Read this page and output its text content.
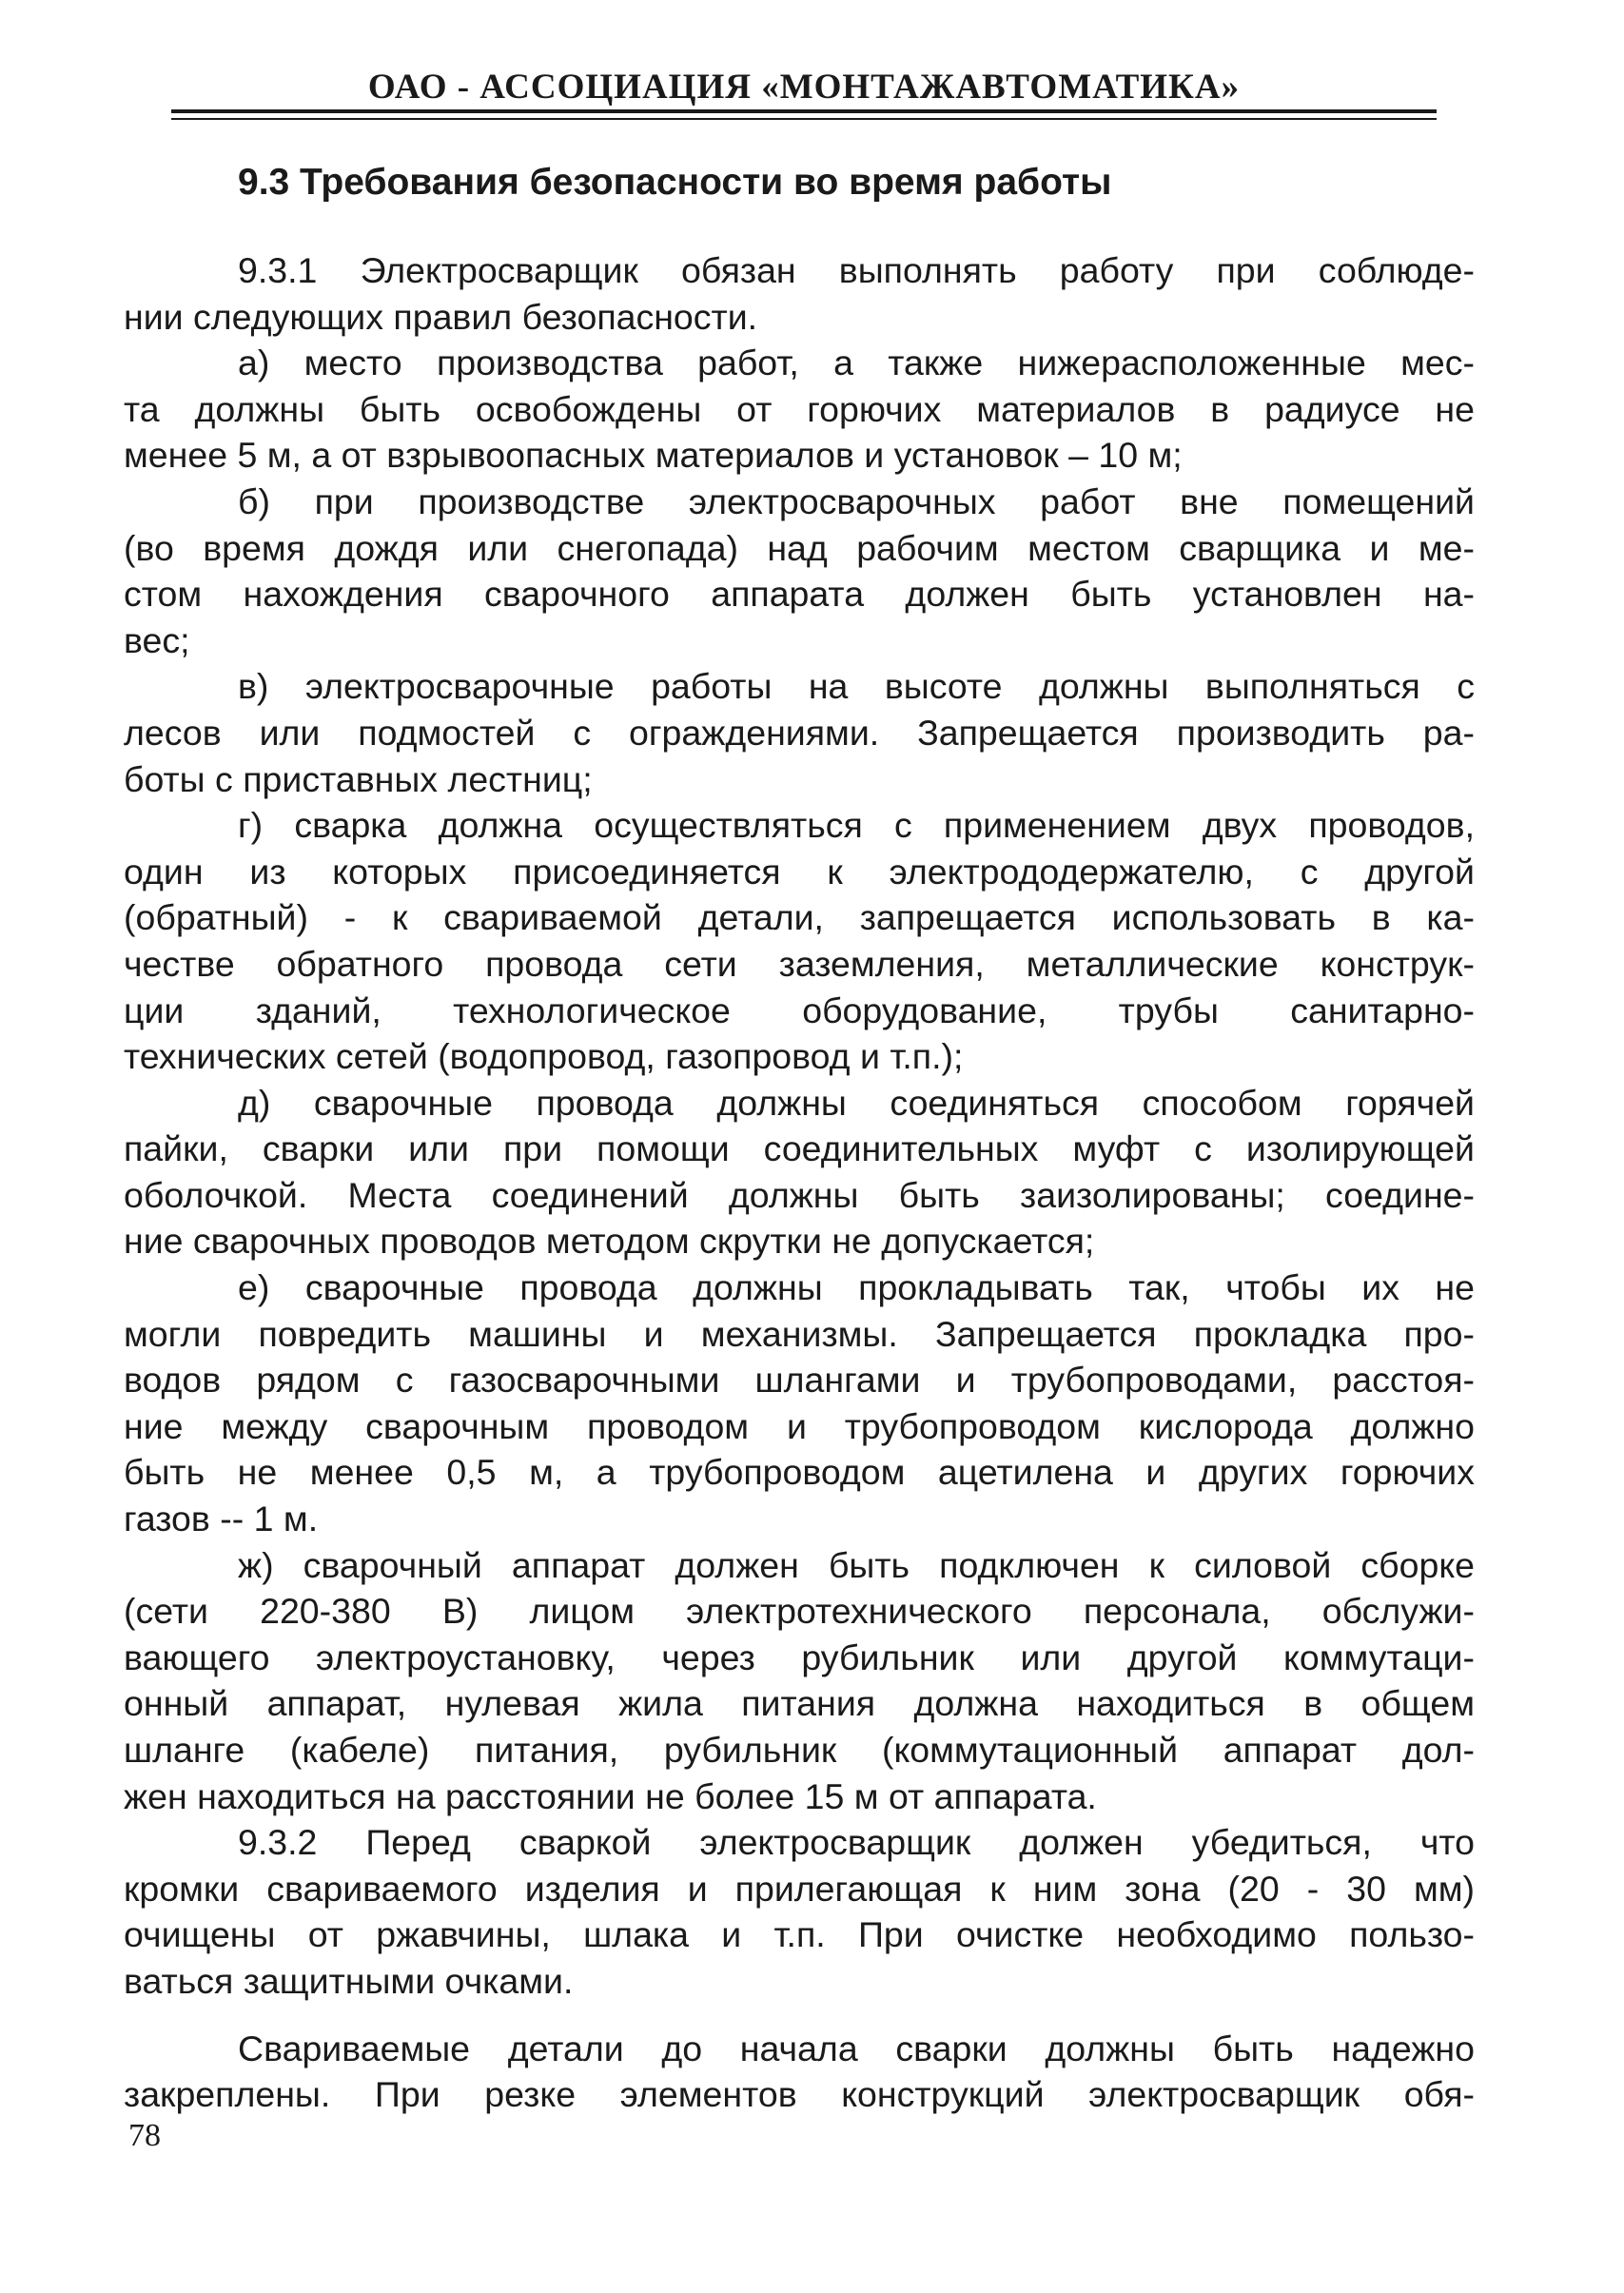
ОАО - АССОЦИАЦИЯ «МОНТАЖАВТОМАТИКА»
9.3 Требования безопасности во время работы
9.3.1 Электросварщик обязан выполнять работу при соблюде-
нии следующих правил безопасности.
а) место производства работ, а также нижерасположенные мес-
та должны быть освобождены от горючих материалов в радиусе не
менее 5 м, а от взрывоопасных материалов и установок – 10 м;
б) при производстве электросварочных работ вне помещений
(во время дождя или снегопада) над рабочим местом сварщика и ме-
стом нахождения сварочного аппарата должен быть установлен на-
вес;
в) электросварочные работы на высоте должны выполняться с
лесов или подмостей с ограждениями. Запрещается производить ра-
боты с приставных лестниц;
г) сварка должна осуществляться с применением двух проводов,
один из которых присоединяется к электрододержателю, с другой
(обратный) - к свариваемой детали, запрещается использовать в ка-
честве обратного провода сети заземления, металлические конструк-
ции зданий, технологическое оборудование, трубы санитарно-
технических сетей (водопровод, газопровод и т.п.);
д) сварочные провода должны соединяться способом горячей
пайки, сварки или при помощи соединительных муфт с изолирующей
оболочкой. Места соединений должны быть заизолированы; соедине-
ние сварочных проводов методом скрутки не допускается;
е) сварочные провода должны прокладывать так, чтобы их не
могли повредить машины и механизмы. Запрещается прокладка про-
водов рядом с газосварочными шлангами и трубопроводами, расстоя-
ние между сварочным проводом и трубопроводом кислорода должно
быть не менее 0,5 м, а трубопроводом ацетилена и других горючих
газов -- 1 м.
ж) сварочный аппарат должен быть подключен к силовой сборке
(сети 220-380 В) лицом электротехнического персонала, обслужи-
вающего электроустановку, через рубильник или другой коммутаци-
онный аппарат, нулевая жила питания должна находиться в общем
шланге (кабеле) питания, рубильник (коммутационный аппарат дол-
жен находиться на расстоянии не более 15 м от аппарата.
9.3.2 Перед сваркой электросварщик должен убедиться, что
кромки свариваемого изделия и прилегающая к ним зона (20 - 30 мм)
очищены от ржавчины, шлака и т.п. При очистке необходимо пользо-
ваться защитными очками.
Свариваемые детали до начала сварки должны быть надежно
закреплены. При резке элементов конструкций электросварщик обя-
78
